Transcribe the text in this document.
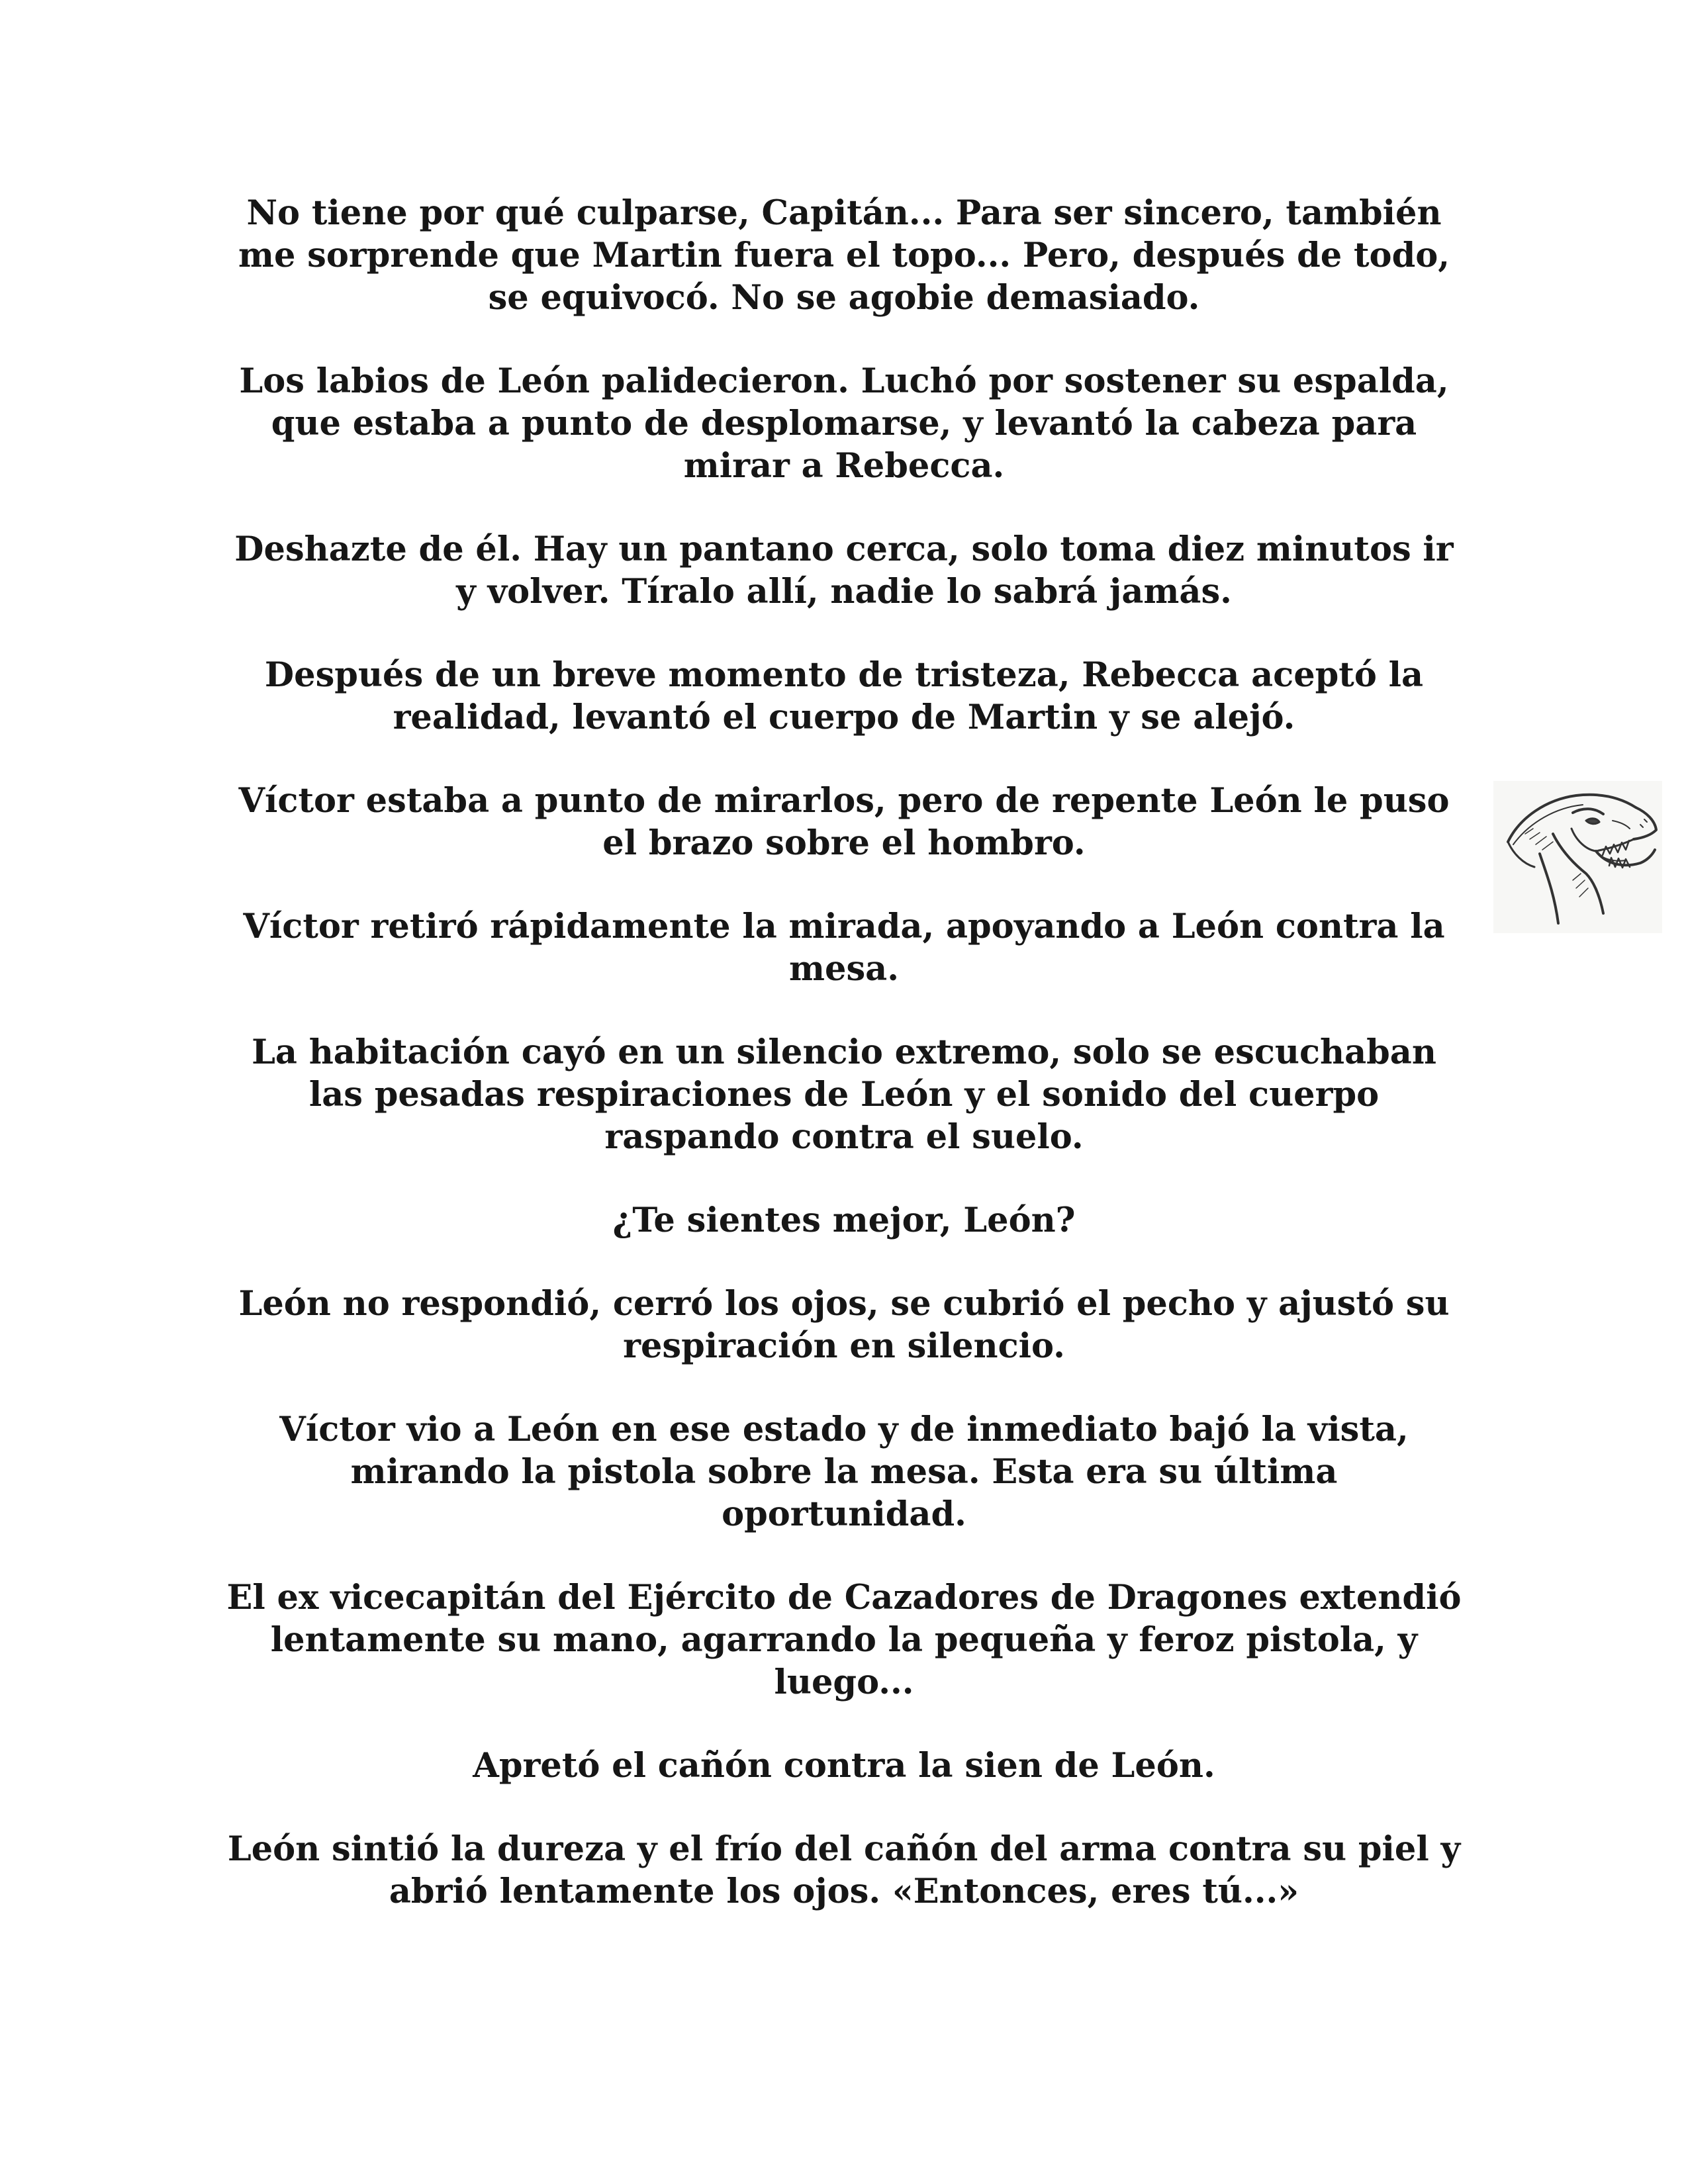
No tiene por qué culparse, Capitán... Para ser sincero, también me sorprende que Martin fuera el topo... Pero, después de todo, se equivocó. No se agobie demasiado.

Los labios de León palidecieron. Luchó por sostener su espalda, que estaba a punto de desplomarse, y levantó la cabeza para mirar a Rebecca.

Deshazte de él. Hay un pantano cerca, solo toma diez minutos ir y volver. Tíralo allí, nadie lo sabrá jamás.

Después de un breve momento de tristeza, Rebecca aceptó la realidad, levantó el cuerpo de Martin y se alejó.

Víctor estaba a punto de mirarlos, pero de repente León le puso el brazo sobre el hombro.

Víctor retiró rápidamente la mirada, apoyando a León contra la mesa.

La habitación cayó en un silencio extremo, solo se escuchaban las pesadas respiraciones de León y el sonido del cuerpo raspando contra el suelo.

¿Te sientes mejor, León?

León no respondió, cerró los ojos, se cubrió el pecho y ajustó su respiración en silencio.

Víctor vio a León en ese estado y de inmediato bajó la vista, mirando la pistola sobre la mesa. Esta era su última oportunidad.

El ex vicecapitán del Ejército de Cazadores de Dragones extendió lentamente su mano, agarrando la pequeña y feroz pistola, y luego...

Apretó el cañón contra la sien de León.

León sintió la dureza y el frío del cañón del arma contra su piel y abrió lentamente los ojos. «Entonces, eres tú...»
